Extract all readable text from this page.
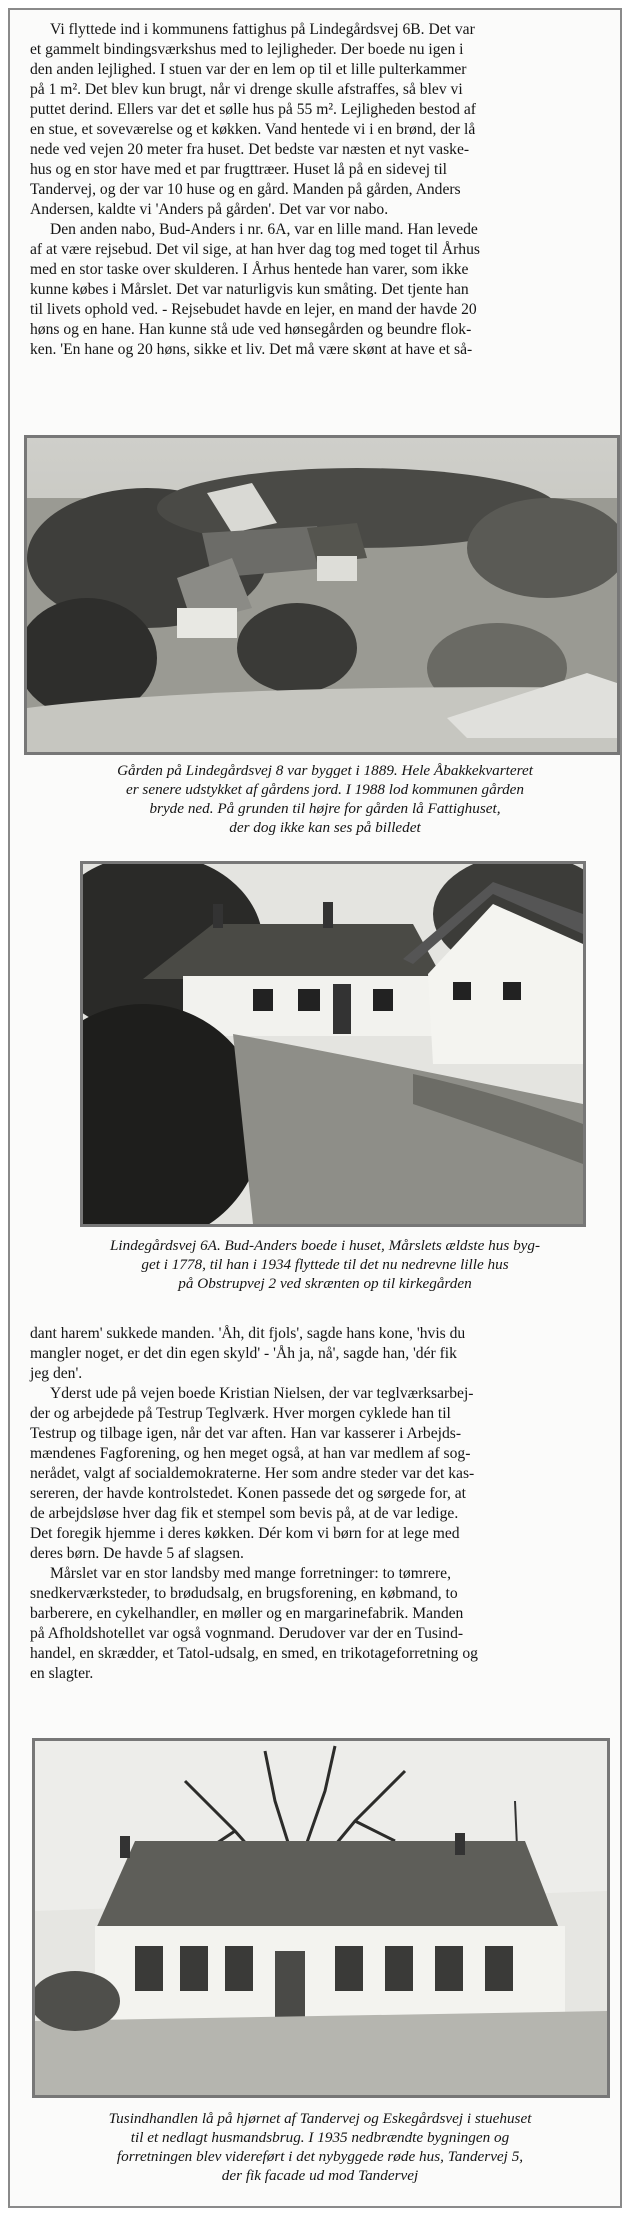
Vi flyttede ind i kommunens fattighus på Lindegårdsvej 6B. Det var
et gammelt bindingsværkshus med to lejligheder. Der boede nu igen i
den anden lejlighed. I stuen var der en lem op til et lille pulterkammer
på 1 m². Det blev kun brugt, når vi drenge skulle afstraffes, så blev vi
puttet derind. Ellers var det et sølle hus på 55 m². Lejligheden bestod af
en stue, et soveværelse og et køkken. Vand hentede vi i en brønd, der lå
nede ved vejen 20 meter fra huset. Det bedste var næsten et nyt vaske-
hus og en stor have med et par frugttræer. Huset lå på en sidevej til
Tandervej, og der var 10 huse og en gård. Manden på gården, Anders
Andersen, kaldte vi 'Anders på gården'. Det var vor nabo.
Den anden nabo, Bud-Anders i nr. 6A, var en lille mand. Han levede
af at være rejsebud. Det vil sige, at han hver dag tog med toget til Århus
med en stor taske over skulderen. I Århus hentede han varer, som ikke
kunne købes i Mårslet. Det var naturligvis kun småting. Det tjente han
til livets ophold ved. - Rejsebudet havde en lejer, en mand der havde 20
høns og en hane. Han kunne stå ude ved hønsegården og beundre flok-
ken. 'En hane og 20 høns, sikke et liv. Det må være skønt at have et så-

Gården på Lindegårdsvej 8 var bygget i 1889. Hele Åbakkekvarteret
er senere udstykket af gårdens jord. I 1988 lod kommunen gården
bryde ned. På grunden til højre for gården lå Fattighuset,
der dog ikke kan ses på billedet

Lindegårdsvej 6A. Bud-Anders boede i huset, Mårslets ældste hus byg-
get i 1778, til han i 1934 flyttede til det nu nedrevne lille hus
på Obstrupvej 2 ved skrænten op til kirkegården

dant harem' sukkede manden. 'Åh, dit fjols', sagde hans kone, 'hvis du
mangler noget, er det din egen skyld' - 'Åh ja, nå', sagde han, 'dér fik
jeg den'.
Yderst ude på vejen boede Kristian Nielsen, der var teglværksarbej-
der og arbejdede på Testrup Teglværk. Hver morgen cyklede han til
Testrup og tilbage igen, når det var aften. Han var kasserer i Arbejds-
mændenes Fagforening, og hen meget også, at han var medlem af sog-
nerådet, valgt af socialdemokraterne. Her som andre steder var det kas-
sereren, der havde kontrolstedet. Konen passede det og sørgede for, at
de arbejdsløse hver dag fik et stempel som bevis på, at de var ledige.
Det foregik hjemme i deres køkken. Dér kom vi børn for at lege med
deres børn. De havde 5 af slagsen.
Mårslet var en stor landsby med mange forretninger: to tømrere,
snedkerværksteder, to brødudsalg, en brugsforening, en købmand, to
barberere, en cykelhandler, en møller og en margarinefabrik. Manden
på Afholdshotellet var også vognmand. Derudover var der en Tusind-
handel, en skrædder, et Tatol-udsalg, en smed, en trikotageforretning og
en slagter.

Tusindhandlen lå på hjørnet af Tandervej og Eskegårdsvej i stuehuset
til et nedlagt husmandsbrug. I 1935 nedbrændte bygningen og
forretningen blev videreført i det nybyggede røde hus, Tandervej 5,
der fik facade ud mod Tandervej
